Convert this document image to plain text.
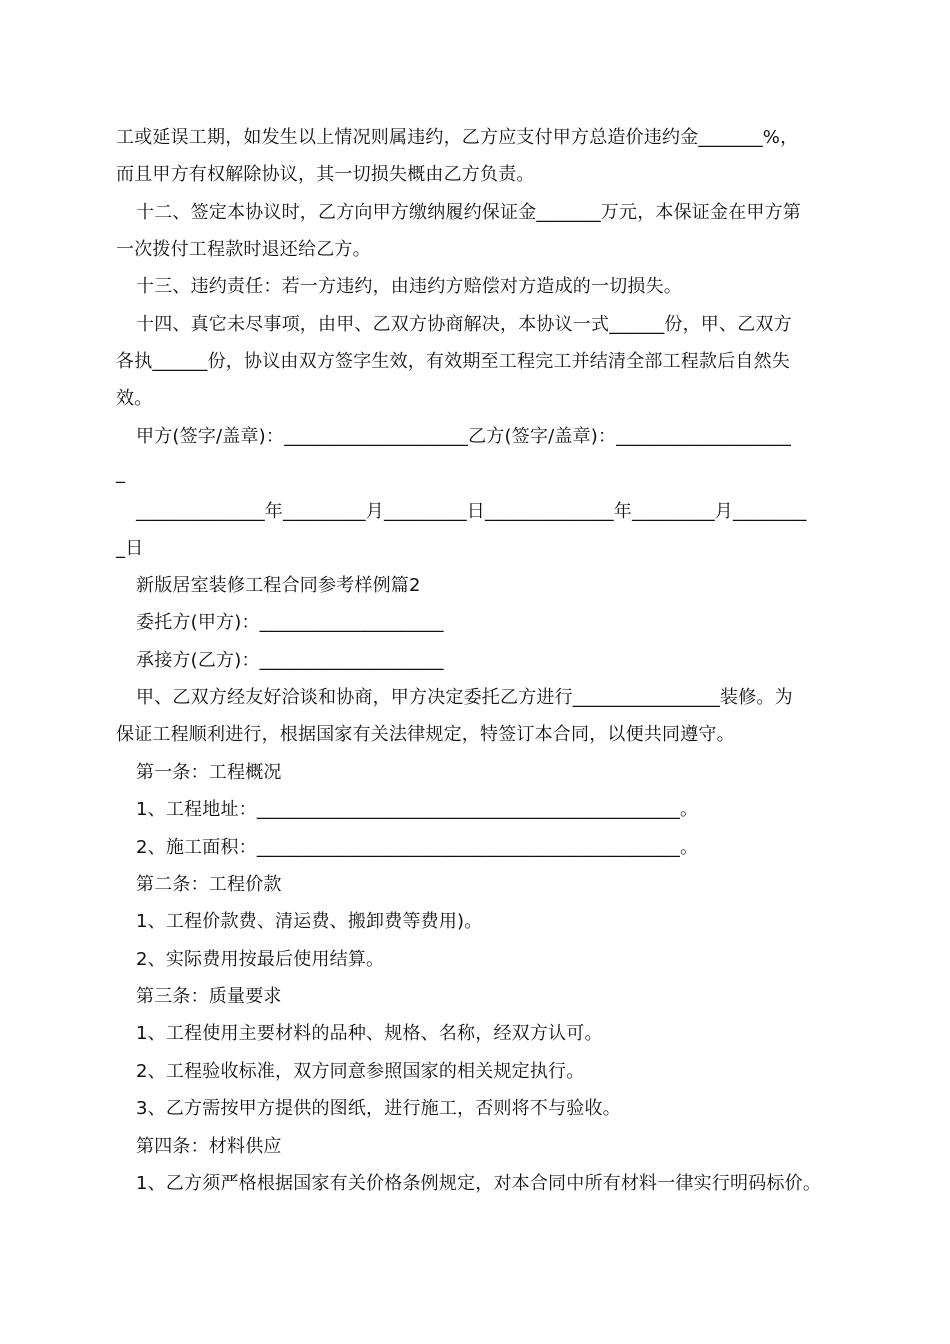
工或延误工期，如发生以上情况则属违约，乙方应支付甲方总造价违约金_______%，
而且甲方有权解除协议，其一切损失概由乙方负责。
十二、签定本协议时，乙方向甲方缴纳履约保证金_______万元，本保证金在甲方第
一次拨付工程款时退还给乙方。
十三、违约责任：若一方违约，由违约方赔偿对方造成的一切损失。
十四、真它未尽事项，由甲、乙双方协商解决，本协议一式______份，甲、乙双方
各执______份，协议由双方签字生效，有效期至工程完工并结清全部工程款后自然失
效。
甲方(签字/盖章)：____________________乙方(签字/盖章)：___________________
_
______________年_________月_________日______________年_________月________
_日
新版居室装修工程合同参考样例篇2
委托方(甲方)：____________________
承接方(乙方)：____________________
甲、乙双方经友好洽谈和协商，甲方决定委托乙方进行________________装修。为
保证工程顺利进行，根据国家有关法律规定，特签订本合同，以便共同遵守。
第一条：工程概况
1、工程地址：______________________________________________。
2、施工面积：______________________________________________。
第二条：工程价款
1、工程价款费、清运费、搬卸费等费用)。
2、实际费用按最后使用结算。
第三条：质量要求
1、工程使用主要材料的品种、规格、名称，经双方认可。
2、工程验收标准，双方同意参照国家的相关规定执行。
3、乙方需按甲方提供的图纸，进行施工，否则将不与验收。
第四条：材料供应
1、乙方须严格根据国家有关价格条例规定，对本合同中所有材料一律实行明码标价。
